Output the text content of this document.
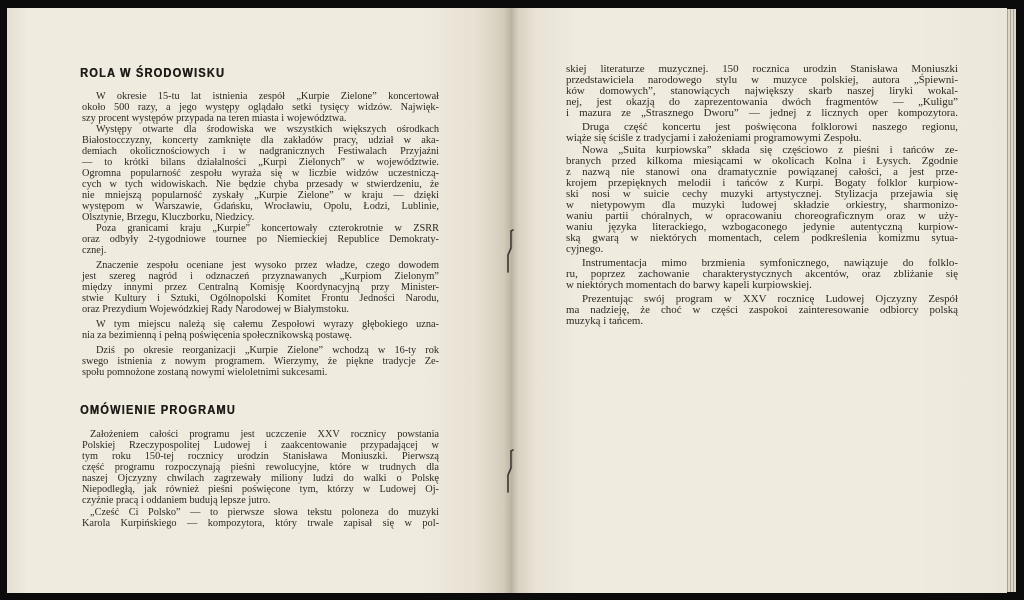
ROLA W ŚRODOWISKU
W okresie 15-tu lat istnienia zespół „Kurpie Zielone” koncertował
około 500 razy, a jego występy oglądało setki tysięcy widzów. Najwięk-
szy procent występów przypada na teren miasta i województwa.
Występy otwarte dla środowiska we wszystkich większych ośrodkach
Białostocczyzny, koncerty zamknięte dla zakładów pracy, udział w aka-
demiach okolicznościowych i w nadgranicznych Festiwalach Przyjaźni
— to krótki bilans działalności „Kurpi Zielonych” w województwie.
Ogromna popularność zespołu wyraża się w liczbie widzów uczestniczą-
cych w tych widowiskach. Nie będzie chyba przesady w stwierdzeniu, że
nie mniejszą popularność zyskały „Kurpie Zielone” w kraju — dzięki
występom w Warszawie, Gdańsku, Wrocławiu, Opolu, Łodzi, Lublinie,
Olsztynie, Brzegu, Kluczborku, Niedzicy.
Poza granicami kraju „Kurpie” koncertowały czterokrotnie w ZSRR
oraz odbyły 2-tygodniowe tournee po Niemieckiej Republice Demokraty-
cznej.
Znaczenie zespołu oceniane jest wysoko przez władze, czego dowodem
jest szereg nagród i odznaczeń przyznawanych „Kurpiom Zielonym”
między innymi przez Centralną Komisję Koordynacyjną przy Minister-
stwie Kultury i Sztuki, Ogólnopolski Komitet Frontu Jedności Narodu,
oraz Prezydium Wojewódzkiej Rady Narodowej w Białymstoku.
W tym miejscu należą się całemu Zespołowi wyrazy głębokiego uzna-
nia za bezimienną i pełną poświęcenia społecznikowską postawę.
Dziś po okresie reorganizacji „Kurpie Zielone” wchodzą w 16-ty rok
swego istnienia z nowym programem. Wierzymy, że piękne tradycje Ze-
społu pomnożone zostaną nowymi wieloletnimi sukcesami.
OMÓWIENIE PROGRAMU
Założeniem całości programu jest uczczenie XXV rocznicy powstania
Polskiej Rzeczypospolitej Ludowej i zaakcentowanie przypadającej w
tym roku 150-tej rocznicy urodzin Stanisława Moniuszki. Pierwszą
część programu rozpoczynają pieśni rewolucyjne, które w trudnych dla
naszej Ojczyzny chwilach zagrzewały miliony ludzi do walki o Polskę
Niepodległą, jak również pieśni poświęcone tym, którzy w Ludowej Oj-
czyźnie pracą i oddaniem budują lepsze jutro.
„Cześć Ci Polsko” — to pierwsze słowa tekstu poloneza do muzyki
Karola Kurpińskiego — kompozytora, który trwale zapisał się w pol-
skiej literaturze muzycznej. 150 rocznica urodzin Stanisława Moniuszki
przedstawiciela narodowego stylu w muzyce polskiej, autora „Śpiewni-
ków domowych”, stanowiących największy skarb naszej liryki wokal-
nej, jest okazją do zaprezentowania dwóch fragmentów — „Kuligu”
i mazura ze „Strasznego Dworu” — jednej z licznych oper kompozytora.
Druga część koncertu jest poświęcona folklorowi naszego regionu,
wiąże się ściśle z tradycjami i założeniami programowymi Zespołu.
Nowa „Suita kurpiowska” składa się częściowo z pieśni i tańców ze-
branych przed kilkoma miesiącami w okolicach Kolna i Łysych. Zgodnie
z nazwą nie stanowi ona dramatycznie powiązanej całości, a jest prze-
krojem przepięknych melodii i tańców z Kurpi. Bogaty folklor kurpiow-
ski nosi w suicie cechy muzyki artystycznej. Stylizacja przejawia się
w nietypowym dla muzyki ludowej składzie orkiestry, sharmonizo-
waniu partii chóralnych, w opracowaniu choreograficznym oraz w uży-
waniu języka literackiego, wzbogaconego jedynie autentyczną kurpiow-
ską gwarą w niektórych momentach, celem podkreślenia komizmu sytua-
cyjnego.
Instrumentacja mimo brzmienia symfonicznego, nawiązuje do folklo-
ru, poprzez zachowanie charakterystycznych akcentów, oraz zbliżanie się
w niektórych momentach do barwy kapeli kurpiowskiej.
Prezentując swój program w XXV rocznicę Ludowej Ojczyzny Zespół
ma nadzieję, że choć w części zaspokoi zainteresowanie odbiorcy polską
muzyką i tańcem.
